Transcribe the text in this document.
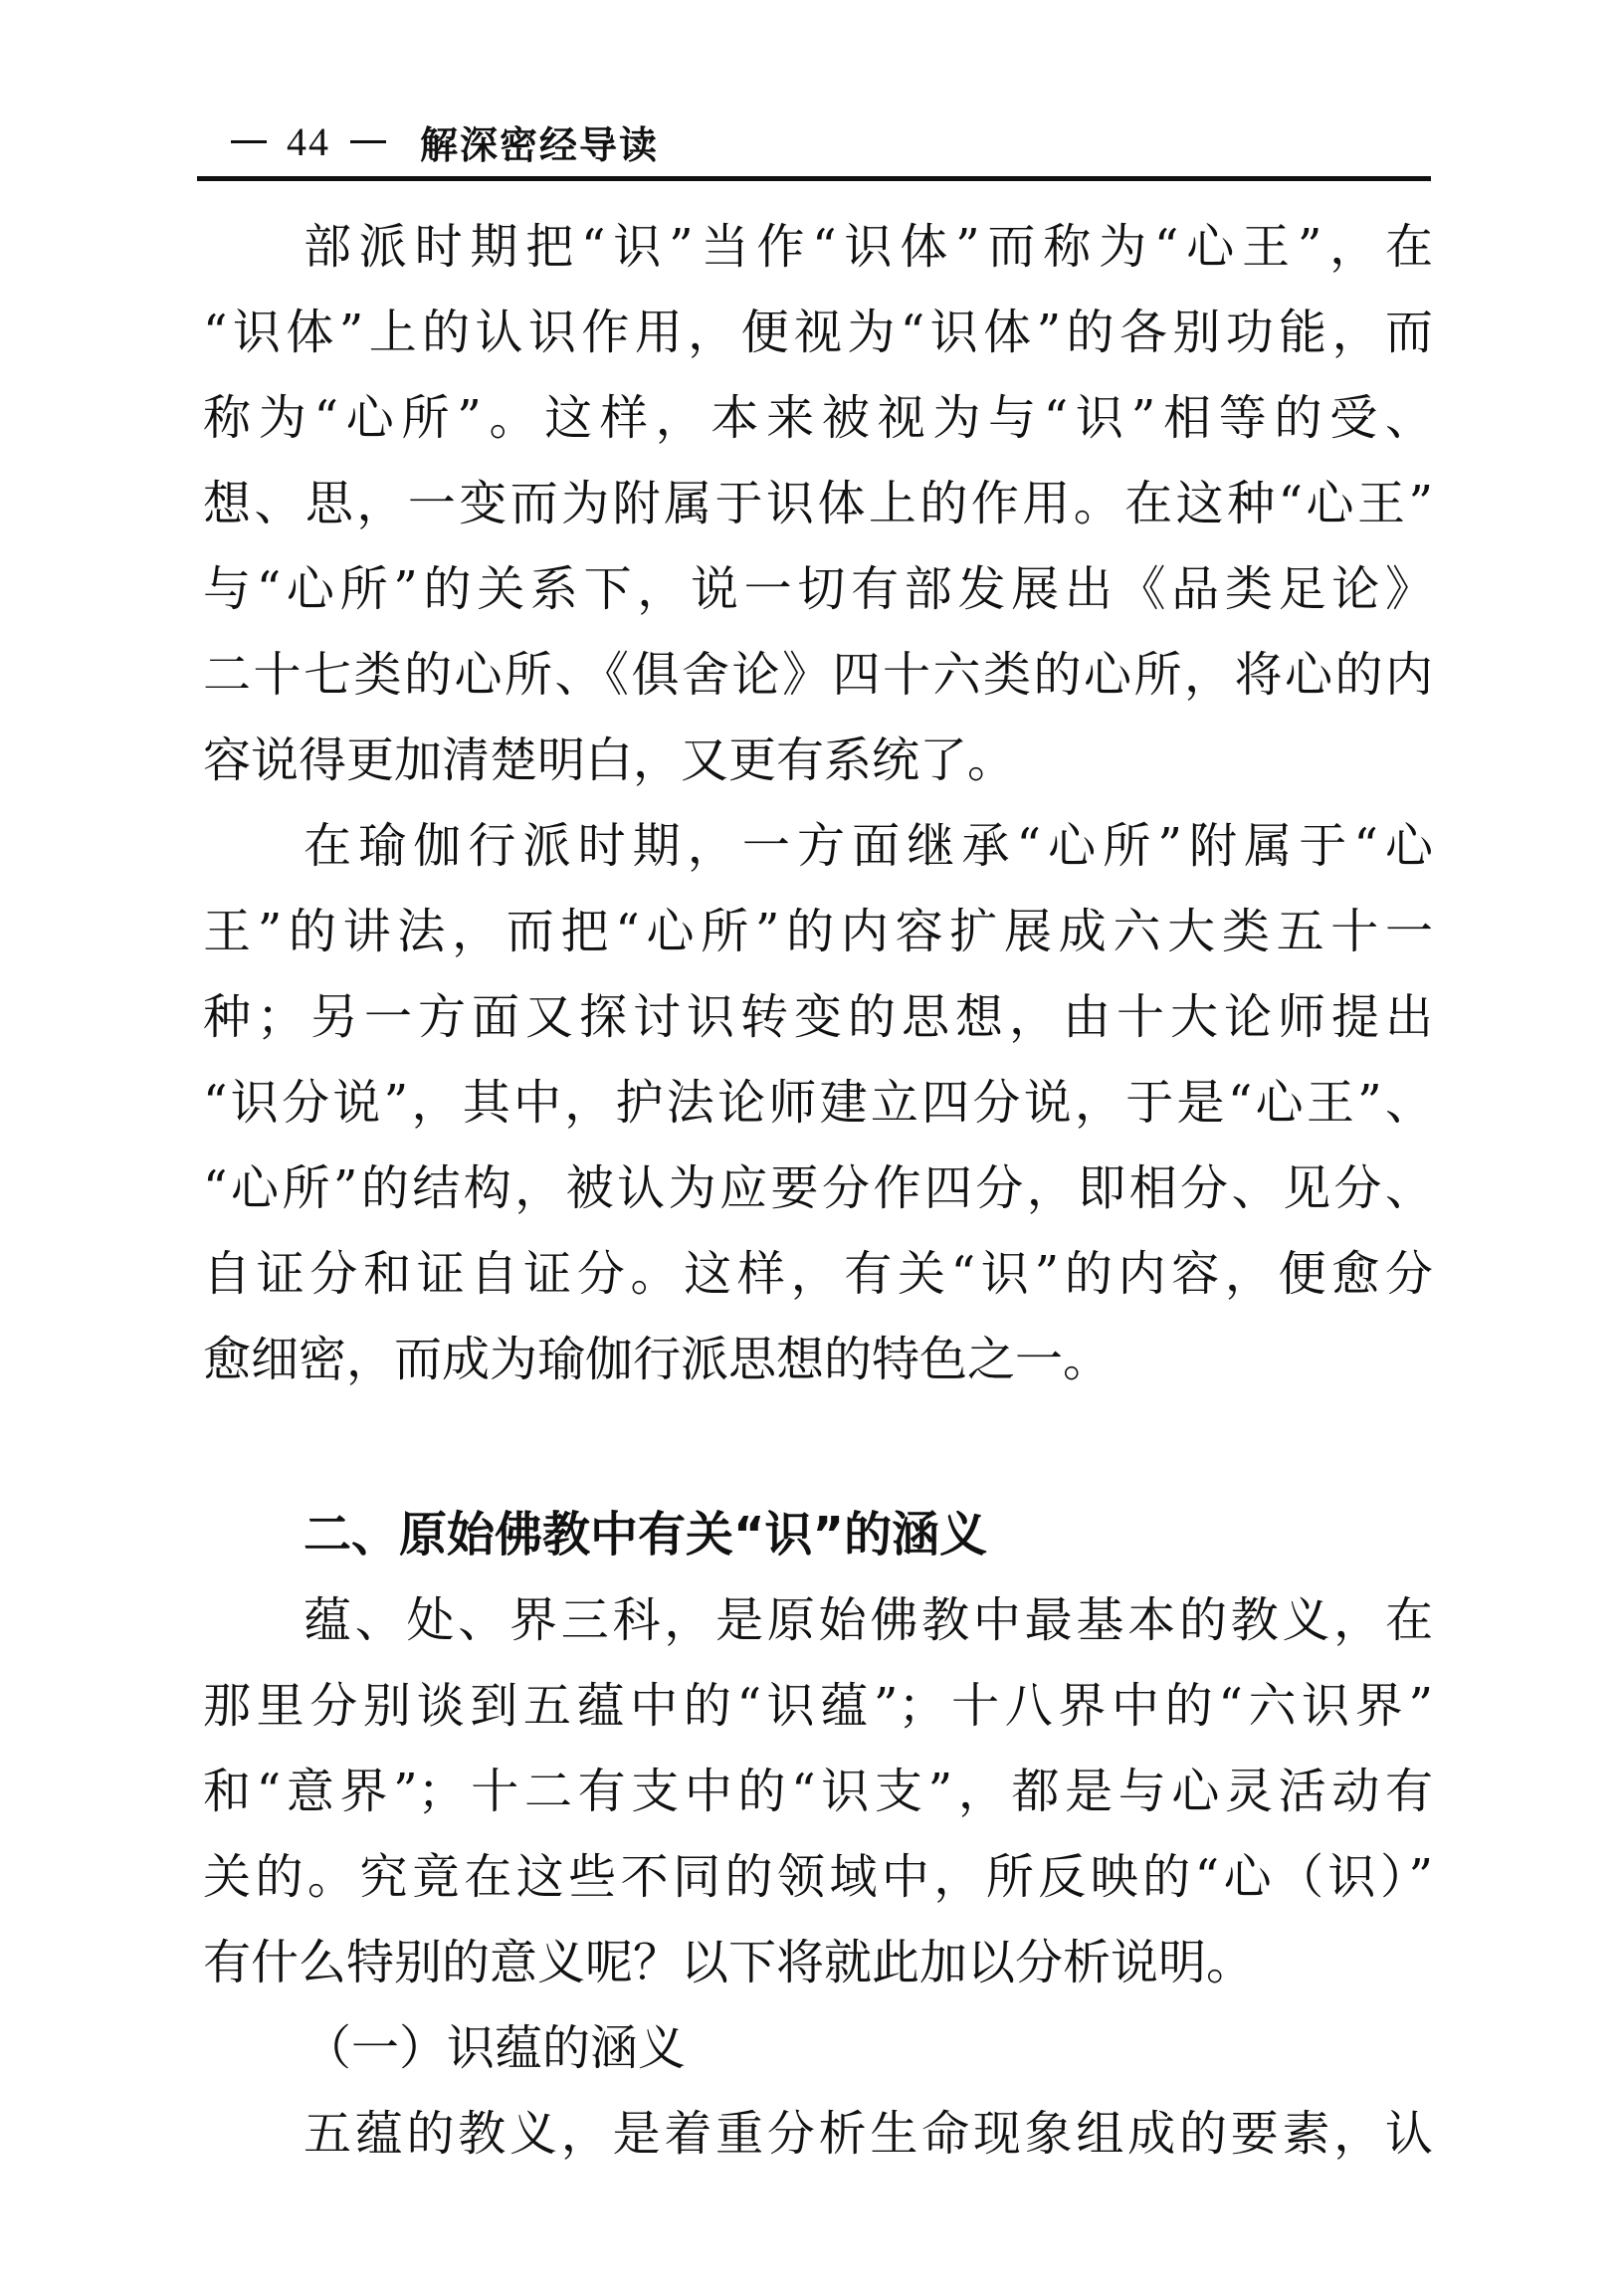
44 解深密经导读
部派时期把“识”当作“识体”而称为“心王”，在
“识体”上的认识作用，便视为“识体”的各别功能，而
称为“心所”。这样，本来被视为与“识”相等的受、
想、思，一变而为附属于识体上的作用。在这种“心王”
与“心所”的关系下，说一切有部发展出《品类足论》
二十七类的心所、《俱舍论》四十六类的心所，将心的内
容说得更加清楚明白，又更有系统了。
在瑜伽行派时期，一方面继承“心所”附属于“心
王”的讲法，而把“心所”的内容扩展成六大类五十一
种；另一方面又探讨识转变的思想，由十大论师提出
“识分说”，其中，护法论师建立四分说，于是“心王”、
“心所”的结构，被认为应要分作四分，即相分、见分、
自证分和证自证分。这样，有关“识”的内容，便愈分
愈细密，而成为瑜伽行派思想的特色之一。
二、原始佛教中有关“识”的涵义
蕴、处、界三科，是原始佛教中最基本的教义，在
那里分别谈到五蕴中的“识蕴”；十八界中的“六识界”
和“意界”；十二有支中的“识支”，都是与心灵活动有
关的。究竟在这些不同的领域中，所反映的“心（识）”
有什么特别的意义呢？以下将就此加以分析说明。
（一）识蕴的涵义
五蕴的教义，是着重分析生命现象组成的要素，认
